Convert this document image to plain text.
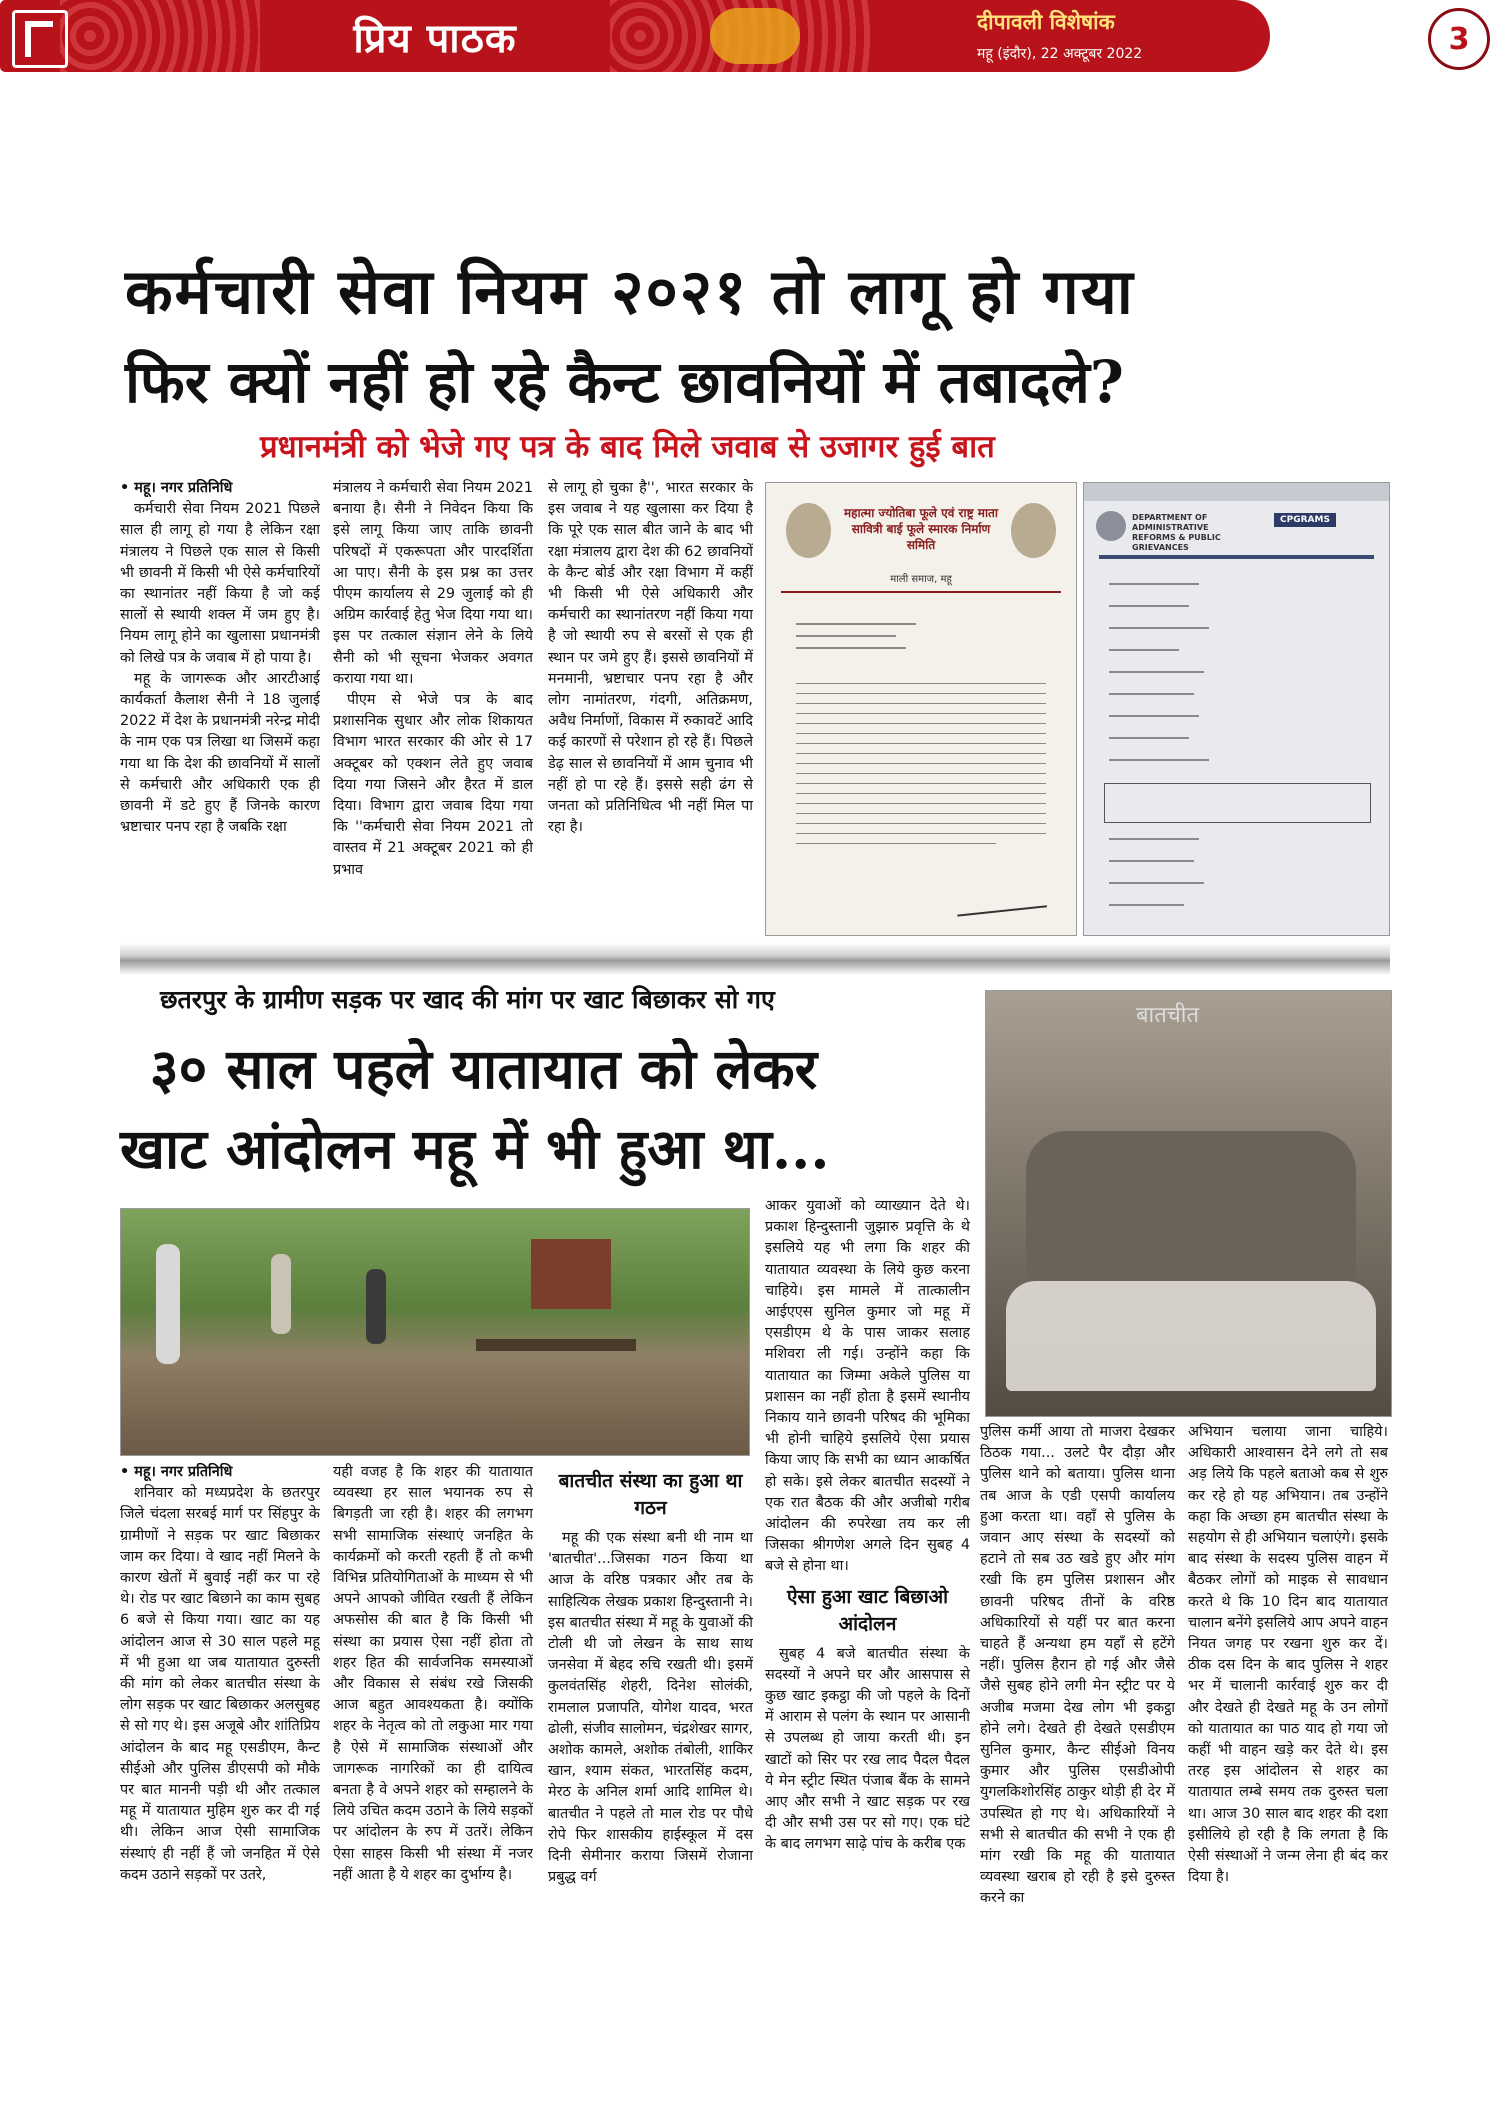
प्रिय पाठक	दीपावली विशेषांक
महू (इंदौर), 22 अक्टूबर 2022	3
कर्मचारी सेवा नियम २०२१ तो लागू हो गया
फिर क्यों नहीं हो रहे कैन्ट छावनियों में तबादले?
प्रधानमंत्री को भेजे गए पत्र के बाद मिले जवाब से उजागर हुई बात
• महू। नगर प्रतिनिधि

कर्मचारी सेवा नियम 2021 पिछले साल ही लागू हो गया है लेकिन रक्षा मंत्रालय ने पिछले एक साल से किसी भी छावनी में किसी भी ऐसे कर्मचारियों का स्थानांतर नहीं किया है जो कई सालों से स्थायी शक्ल में जम हुए है। नियम लागू होने का खुलासा प्रधानमंत्री को लिखे पत्र के जवाब में हो पाया है।

महू के जागरूक और आरटीआई कार्यकर्ता कैलाश सैनी ने 18 जुलाई 2022 में देश के प्रधानमंत्री नरेन्द्र मोदी के नाम एक पत्र लिखा था जिसमें कहा गया था कि देश की छावनियों में सालों से कर्मचारी और अधिकारी एक ही छावनी में डटे हुए हैं जिनके कारण भ्रष्टाचार पनप रहा है जबकि रक्षा

मंत्रालय ने कर्मचारी सेवा नियम 2021 बनाया है। सैनी ने निवेदन किया कि इसे लागू किया जाए ताकि छावनी परिषदों में एकरूपता और पारदर्शिता आ पाए। सैनी के इस प्रश्न का उत्तर पीएम कार्यालय से 29 जुलाई को ही अग्रिम कार्रवाई हेतु भेज दिया गया था। इस पर तत्काल संज्ञान लेने के लिये सैनी को भी सूचना भेजकर अवगत कराया गया था।

पीएम से भेजे पत्र के बाद प्रशासनिक सुधार और लोक शिकायत विभाग भारत सरकार की ओर से 17 अक्टूबर को एक्शन लेते हुए जवाब दिया गया जिसने और हैरत में डाल दिया। विभाग द्वारा जवाब दिया गया कि ''कर्मचारी सेवा नियम 2021 तो वास्तव में 21 अक्टूबर 2021 को ही प्रभाव

से लागू हो चुका है'', भारत सरकार के इस जवाब ने यह खुलासा कर दिया है कि पूरे एक साल बीत जाने के बाद भी रक्षा मंत्रालय द्वारा देश की 62 छावनियों के कैन्ट बोर्ड और रक्षा विभाग में कहीं भी किसी भी ऐसे अधिकारी और कर्मचारी का स्थानांतरण नहीं किया गया है जो स्थायी रुप से बरसों से एक ही स्थान पर जमे हुए हैं। इससे छावनियों में मनमानी, भ्रष्टाचार पनप रहा है और लोग नामांतरण, गंदगी, अतिक्रमण, अवैध निर्माणों, विकास में रुकावटें आदि कई कारणों से परेशान हो रहे हैं। पिछले डेढ़ साल से छावनियों में आम चुनाव भी नहीं हो पा रहे हैं। इससे सही ढंग से जनता को प्रतिनिधित्व भी नहीं मिल पा रहा है।

महात्मा ज्योतिबा फूले एवं राष्ट्र माता सावित्री बाई फूले स्मारक निर्माण समिति
माली समाज, महू
DEPARTMENT OF ADMINISTRATIVE REFORMS & PUBLIC GRIEVANCES
CPGRAMS
छतरपुर के ग्रामीण सड़क पर खाद की मांग पर खाट बिछाकर सो गए
३० साल पहले यातायात को लेकर
खाट आंदोलन महू में भी हुआ था...
बातचीत
• महू। नगर प्रतिनिधि

शनिवार को मध्यप्रदेश के छतरपुर जिले चंदला सरबई मार्ग पर सिंहपुर के ग्रामीणों ने सड़क पर खाट बिछाकर जाम कर दिया। वे खाद नहीं मिलने के कारण खेतों में बुवाई नहीं कर पा रहे थे। रोड पर खाट बिछाने का काम सुबह 6 बजे से किया गया। खाट का यह आंदोलन आज से 30 साल पहले महू में भी हुआ था जब यातायात दुरुस्ती की मांग को लेकर बातचीत संस्था के लोग सड़क पर खाट बिछाकर अलसुबह से सो गए थे। इस अजूबे और शांतिप्रिय आंदोलन के बाद महू एसडीएम, कैन्ट सीईओ और पुलिस डीएसपी को मौके पर बात माननी पड़ी थी और तत्काल महू में यातायात मुहिम शुरु कर दी गई थी। लेकिन आज ऐसी सामाजिक संस्थाएं ही नहीं हैं जो जनहित में ऐसे कदम उठाने सड़कों पर उतरे,

यही वजह है कि शहर की यातायात व्यवस्था हर साल भयानक रुप से बिगड़ती जा रही है। शहर की लगभग सभी सामाजिक संस्थाएं जनहित के कार्यक्रमों को करती रहती हैं तो कभी विभिन्न प्रतियोगिताओं के माध्यम से भी अपने आपको जीवित रखती हैं लेकिन अफसोस की बात है कि किसी भी संस्था का प्रयास ऐसा नहीं होता तो शहर हित की सार्वजनिक समस्याओं और विकास से संबंध रखे जिसकी आज बहुत आवश्यकता है। क्योंकि शहर के नेतृत्व को तो लकुआ मार गया है ऐसे में सामाजिक संस्थाओं और जागरूक नागरिकों का ही दायित्व बनता है वे अपने शहर को सम्हालने के लिये उचित कदम उठाने के लिये सड़कों पर आंदोलन के रुप में उतरें। लेकिन ऐसा साहस किसी भी संस्था में नजर नहीं आता है ये शहर का दुर्भाग्य है।

बातचीत संस्था का हुआ था गठन

महू की एक संस्था बनी थी नाम था 'बातचीत'...जिसका गठन किया था आज के वरिष्ठ पत्रकार और तब के साहित्यिक लेखक प्रकाश हिन्दुस्तानी ने। इस बातचीत संस्था में महू के युवाओं की टोली थी जो लेखन के साथ साथ जनसेवा में बेहद रुचि रखती थी। इसमें कुलवंतसिंह शेहरी, दिनेश सोलंकी, रामलाल प्रजापति, योगेश यादव, भरत ढोली, संजीव सालोमन, चंद्रशेखर सागर, अशोक कामले, अशोक तंबोली, शाकिर खान, श्याम संकत, भारतसिंह कदम, मेरठ के अनिल शर्मा आदि शामिल थे। बातचीत ने पहले तो माल रोड पर पौधे रोपे फिर शासकीय हाईस्कूल में दस दिनी सेमीनार कराया जिसमें रोजाना प्रबुद्ध वर्ग

आकर युवाओं को व्याख्यान देते थे। प्रकाश हिन्दुस्तानी जुझारु प्रवृत्ति के थे इसलिये यह भी लगा कि शहर की यातायात व्यवस्था के लिये कुछ करना चाहिये। इस मामले में तात्कालीन आईएएस सुनिल कुमार जो महू में एसडीएम थे के पास जाकर सलाह मशिवरा ली गई। उन्होंने कहा कि यातायात का जिम्मा अकेले पुलिस या प्रशासन का नहीं होता है इसमें स्थानीय निकाय याने छावनी परिषद की भूमिका भी होनी चाहिये इसलिये ऐसा प्रयास किया जाए कि सभी का ध्यान आकर्षित हो सके। इसे लेकर बातचीत सदस्यों ने एक रात बैठक की और अजीबो गरीब आंदोलन की रुपरेखा तय कर ली जिसका श्रीगणेश अगले दिन सुबह 4 बजे से होना था।

ऐसा हुआ खाट बिछाओ आंदोलन

सुबह 4 बजे बातचीत संस्था के सदस्यों ने अपने घर और आसपास से कुछ खाट इकट्ठा की जो पहले के दिनों में आराम से पलंग के स्थान पर आसानी से उपलब्ध हो जाया करती थी। इन खाटों को सिर पर रख लाद पैदल पैदल ये मेन स्ट्रीट स्थित पंजाब बैंक के सामने आए और सभी ने खाट सड़क पर रख दी और सभी उस पर सो गए। एक घंटे के बाद लगभग साढ़े पांच के करीब एक

पुलिस कर्मी आया तो माजरा देखकर ठिठक गया... उलटे पैर दौड़ा और पुलिस थाने को बताया। पुलिस थाना तब आज के एडी एसपी कार्यालय हुआ करता था। वहाँ से पुलिस के जवान आए संस्था के सदस्यों को हटाने तो सब उठ खडे हुए और मांग रखी कि हम पुलिस प्रशासन और छावनी परिषद तीनों के वरिष्ठ अधिकारियों से यहीं पर बात करना चाहते हैं अन्यथा हम यहाँ से हटेंगे नहीं। पुलिस हैरान हो गई और जैसे जैसे सुबह होने लगी मेन स्ट्रीट पर ये अजीब मजमा देख लोग भी इकट्ठा होने लगे। देखते ही देखते एसडीएम सुनिल कुमार, कैन्ट सीईओ विनय कुमार और पुलिस एसडीओपी युगलकिशोरसिंह ठाकुर थोड़ी ही देर में उपस्थित हो गए थे। अधिकारियों ने सभी से बातचीत की सभी ने एक ही मांग रखी कि महू की यातायात व्यवस्था खराब हो रही है इसे दुरुस्त करने का

अभियान चलाया जाना चाहिये। अधिकारी आश्वासन देने लगे तो सब अड़ लिये कि पहले बताओ कब से शुरु कर रहे हो यह अभियान। तब उन्होंने कहा कि अच्छा हम बातचीत संस्था के सहयोग से ही अभियान चलाएंगे। इसके बाद संस्था के सदस्य पुलिस वाहन में बैठकर लोगों को माइक से सावधान करते थे कि 10 दिन बाद यातायात चालान बनेंगे इसलिये आप अपने वाहन नियत जगह पर रखना शुरु कर दें। ठीक दस दिन के बाद पुलिस ने शहर भर में चालानी कार्रवाई शुरु कर दी और देखते ही देखते महू के उन लोगों को यातायात का पाठ याद हो गया जो कहीं भी वाहन खड़े कर देते थे। इस तरह इस आंदोलन से शहर का यातायात लम्बे समय तक दुरुस्त चला था। आज 30 साल बाद शहर की दशा इसीलिये हो रही है कि लगता है कि ऐसी संस्थाओं ने जन्म लेना ही बंद कर दिया है।
